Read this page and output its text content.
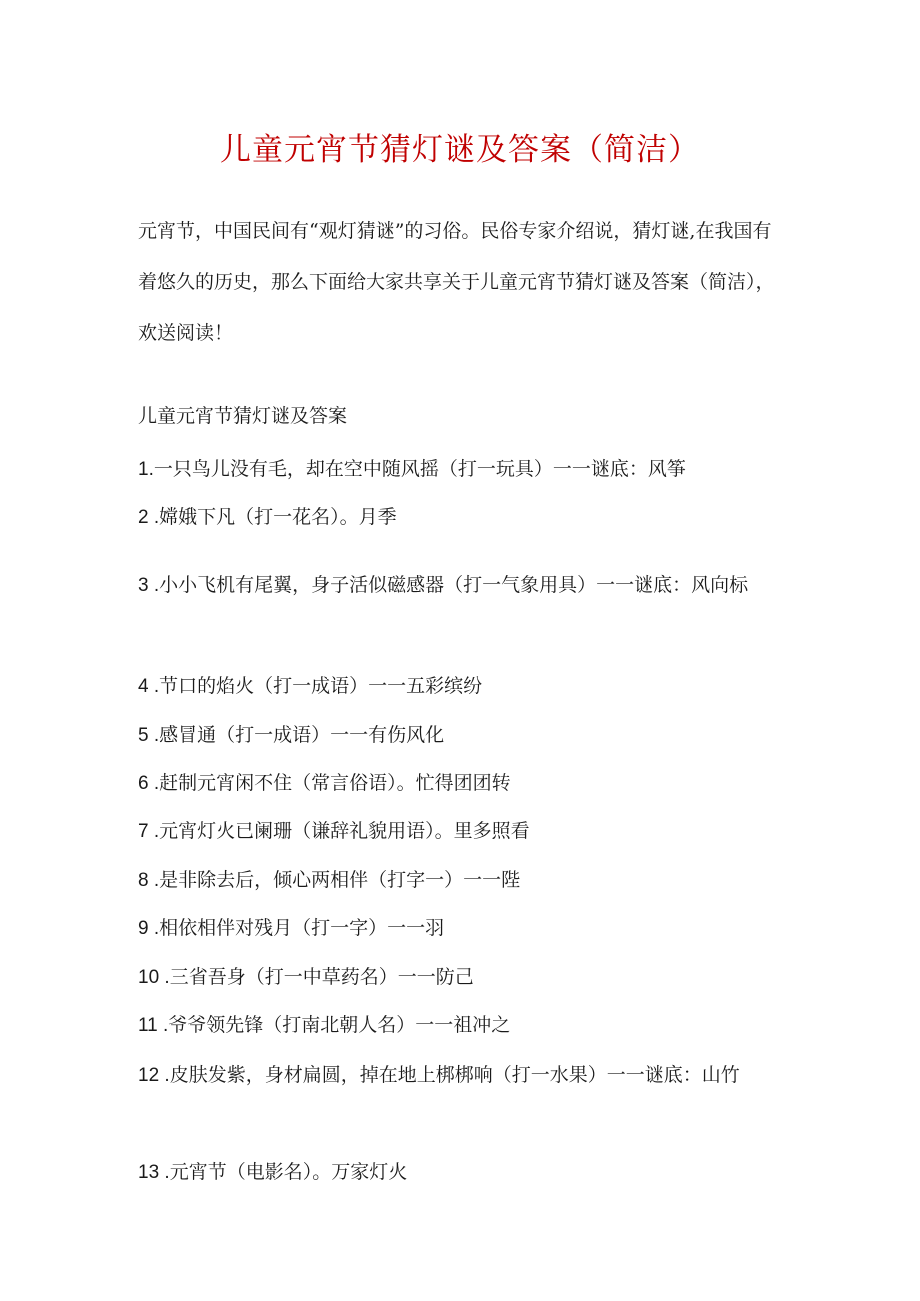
儿童元宵节猜灯谜及答案（简洁）

元宵节，中国民间有“观灯猜谜”的习俗。民俗专家介绍说，猜灯谜,在我国有着悠久的历史，那么下面给大家共享关于儿童元宵节猜灯谜及答案（简洁），欢送阅读！

儿童元宵节猜灯谜及答案
1.一只鸟儿没有毛，却在空中随风摇（打一玩具）一一谜底：风筝
2 .嫦娥下凡（打一花名）。月季
3 .小小飞机有尾翼，身子活似磁感器（打一气象用具）一一谜底：风向标
4 .节口的焰火（打一成语）一一五彩缤纷
5 .感冒通（打一成语）一一有伤风化
6 .赶制元宵闲不住（常言俗语）。忙得团团转
7 .元宵灯火已阑珊（谦辞礼貌用语）。里多照看
8 .是非除去后，倾心两相伴（打字一）一一陛
9 .相依相伴对残月（打一字）一一羽
10 .三省吾身（打一中草药名）一一防己
11 .爷爷领先锋（打南北朝人名）一一祖冲之
12 .皮肤发紫，身材扁圆，掉在地上梆梆响（打一水果）一一谜底：山竹
13 .元宵节（电影名）。万家灯火
